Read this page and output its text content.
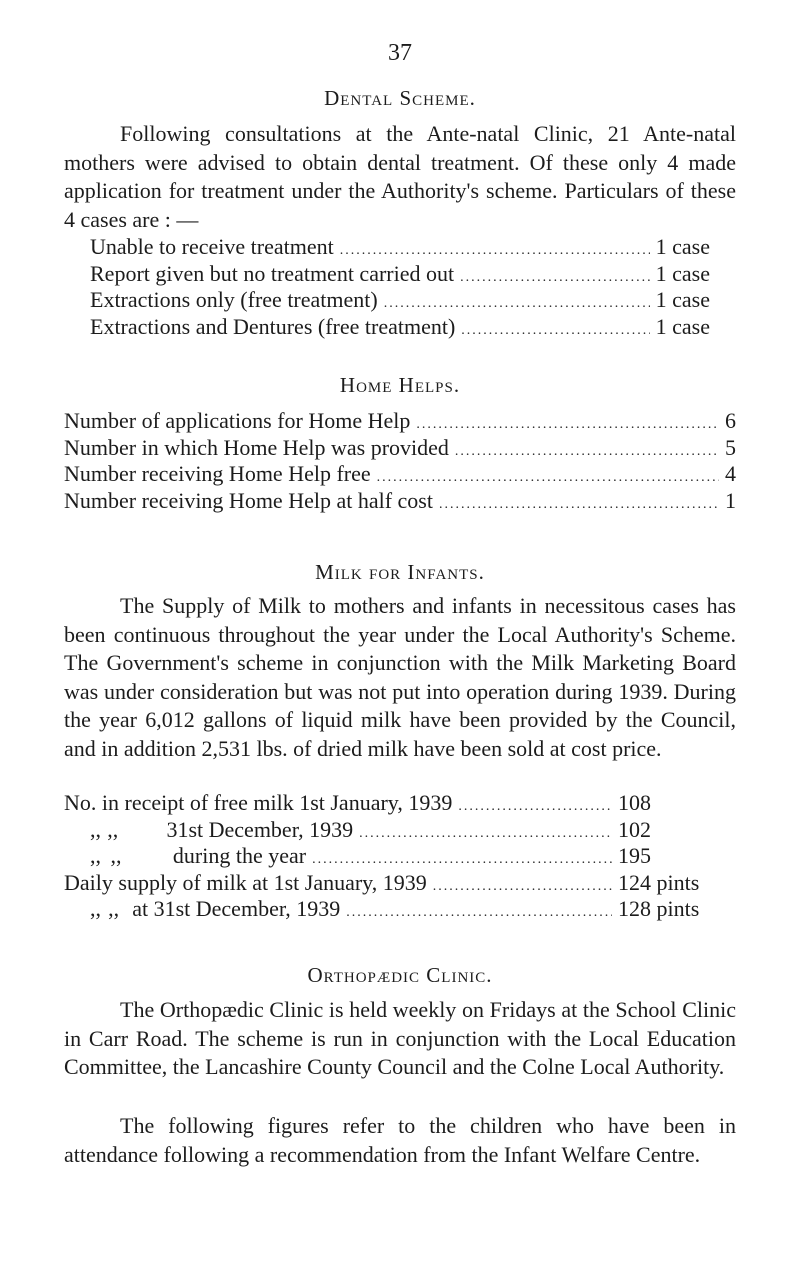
37
Dental Scheme.

Following consultations at the Ante-natal Clinic, 21 Ante-natal mothers were advised to obtain dental treatment. Of these only 4 made application for treatment under the Authority's scheme. Particulars of these 4 cases are : —

Unable to receive treatment .....	1 case
Report given but no treatment carried out .....	1 case
Extractions only (free treatment) .....	1 case
Extractions and Dentures (free treatment) .....	1 case
Home Helps.
Number of applications for Home Help .....	6
Number in which Home Help was provided .....	5
Number receiving Home Help free .....	4
Number receiving Home Help at half cost .....	1
Milk for Infants.

The Supply of Milk to mothers and infants in necessitous cases has been continuous throughout the year under the Local Authority's Scheme. The Government's scheme in conjunction with the Milk Marketing Board was under consideration but was not put into operation during 1939. During the year 6,012 gallons of liquid milk have been provided by the Council, and in addition 2,531 lbs. of dried milk have been sold at cost price.

No. in receipt of free milk 1st January, 1939 .....	108
,, ,,	31st December, 1939 .....	102
,, ,,	during the year .....	195
Daily supply of milk at 1st January, 1939 .....	124 pints
,, ,, at 31st December, 1939 .....	128 pints
Orthopædic Clinic.

The Orthopædic Clinic is held weekly on Fridays at the School Clinic in Carr Road. The scheme is run in conjunction with the Local Education Committee, the Lancashire County Council and the Colne Local Authority.

The following figures refer to the children who have been in attendance following a recommendation from the Infant Welfare Centre.
